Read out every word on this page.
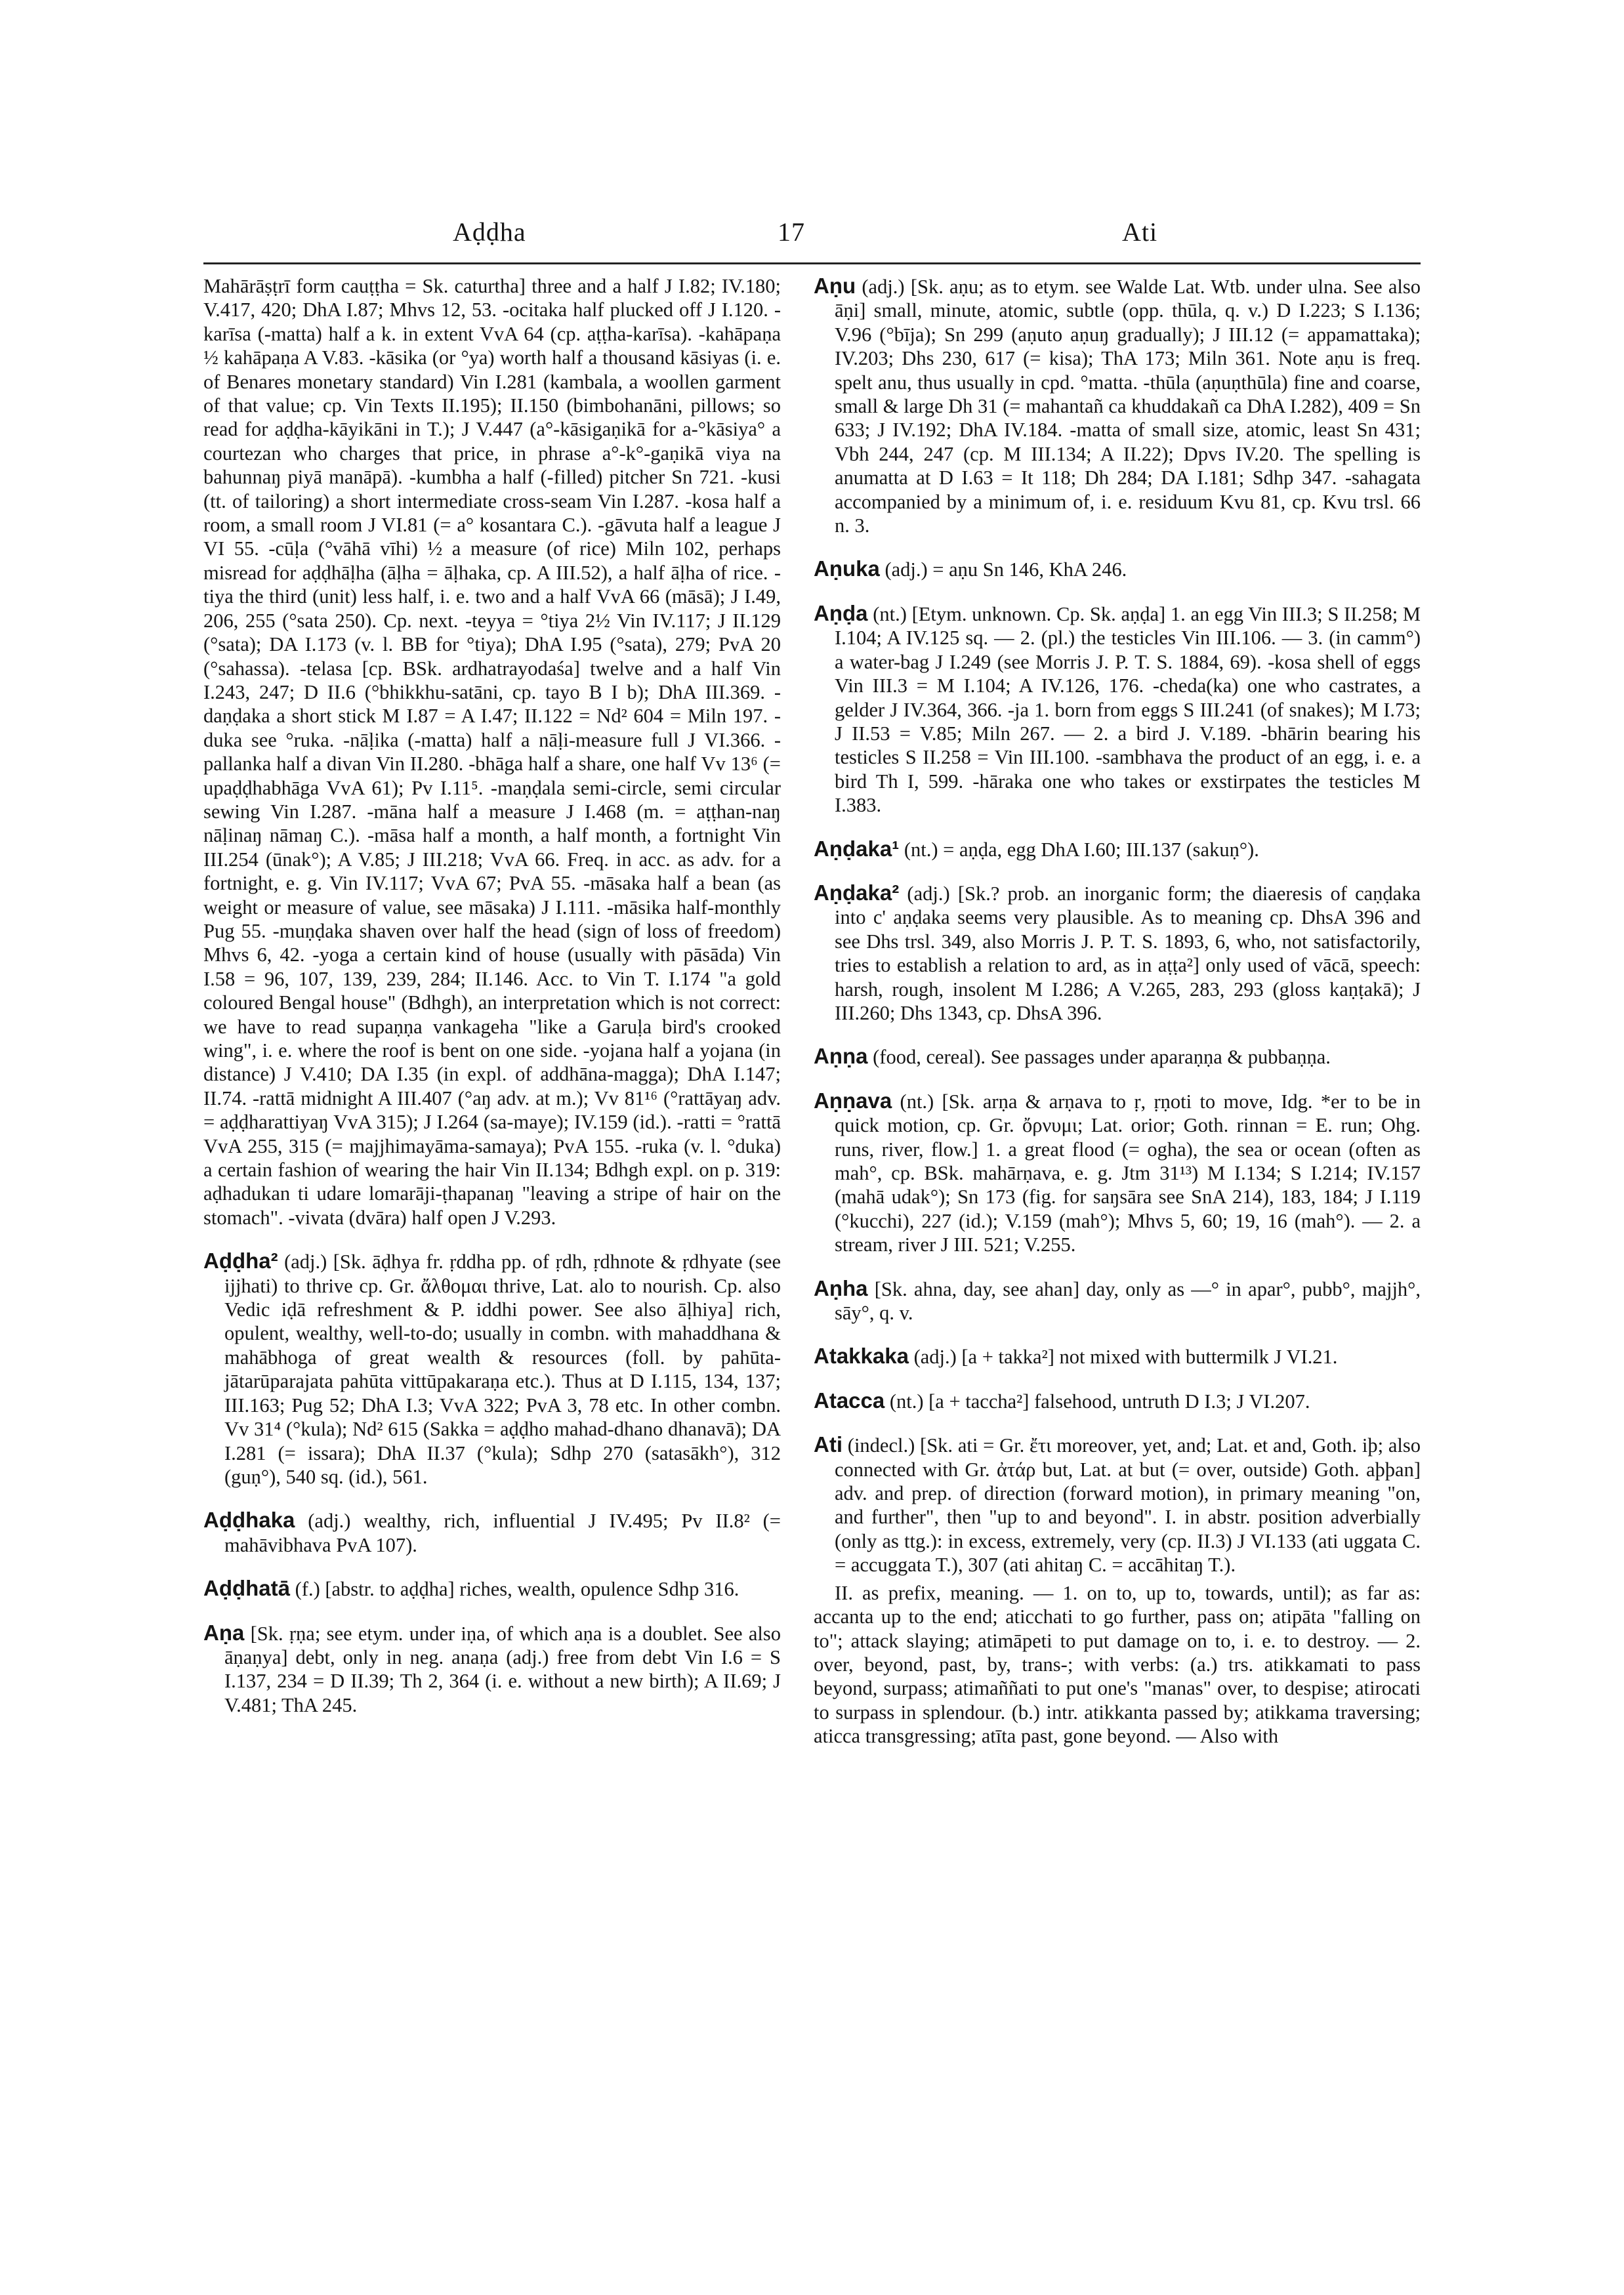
Aḍḍha	17	Ati

Mahārāṣṭrī form cauṭṭha = Sk. caturtha] three and a half J I.82; IV.180; V.417, 420; DhA I.87; Mhvs 12, 53. -ocitaka half plucked off J I.120. -karīsa (-matta) half a k. in extent VvA 64 (cp. aṭṭha-karīsa). -kahāpaṇa ½ kahāpaṇa A V.83. -kāsika (or °ya) worth half a thousand kāsiyas (i. e. of Benares monetary standard) Vin I.281 (kambala, a woollen garment of that value; cp. Vin Texts II.195); II.150 (bimbohanāni, pillows; so read for aḍḍha-kāyikāni in T.); J V.447 (a°-kāsigaṇikā for a-°kāsiya° a courtezan who charges that price, in phrase a°-k°-gaṇikā viya na bahunnaŋ piyā manāpā). -kumbha a half (-filled) pitcher Sn 721. -kusi (tt. of tailoring) a short intermediate cross-seam Vin I.287. -kosa half a room, a small room J VI.81 (= a° kosantara C.). -gāvuta half a league J VI 55. -cūḷa (°vāhā vīhi) ½ a measure (of rice) Miln 102, perhaps misread for aḍḍhāḷha (āḷha = āḷhaka, cp. A III.52), a half āḷha of rice. -tiya the third (unit) less half, i. e. two and a half VvA 66 (māsā); J I.49, 206, 255 (°sata 250). Cp. next. -teyya = °tiya 2½ Vin IV.117; J II.129 (°sata); DA I.173 (v. l. BB for °tiya); DhA I.95 (°sata), 279; PvA 20 (°sahassa). -telasa [cp. BSk. ardhatrayodaśa] twelve and a half Vin I.243, 247; D II.6 (°bhikkhu-satāni, cp. tayo B I b); DhA III.369. -daṇḍaka a short stick M I.87 = A I.47; II.122 = Nd² 604 = Miln 197. -duka see °ruka. -nāḷika (-matta) half a nāḷi-measure full J VI.366. -pallanka half a divan Vin II.280. -bhāga half a share, one half Vv 13⁶ (= upaḍḍhabhāga VvA 61); Pv I.11⁵. -maṇḍala semi-circle, semi circular sewing Vin I.287. -māna half a measure J I.468 (m. = aṭṭhan-naŋ nāḷinaŋ nāmaŋ C.). -māsa half a month, a half month, a fortnight Vin III.254 (ūnak°); A V.85; J III.218; VvA 66. Freq. in acc. as adv. for a fortnight, e. g. Vin IV.117; VvA 67; PvA 55. -māsaka half a bean (as weight or measure of value, see māsaka) J I.111. -māsika half-monthly Pug 55. -muṇḍaka shaven over half the head (sign of loss of freedom) Mhvs 6, 42. -yoga a certain kind of house (usually with pāsāda) Vin I.58 = 96, 107, 139, 239, 284; II.146. Acc. to Vin T. I.174 "a gold coloured Bengal house" (Bdhgh), an interpretation which is not correct: we have to read supaṇṇa vankageha "like a Garuḷa bird's crooked wing", i. e. where the roof is bent on one side. -yojana half a yojana (in distance) J V.410; DA I.35 (in expl. of addhāna-magga); DhA I.147; II.74. -rattā midnight A III.407 (°aŋ adv. at m.); Vv 81¹⁶ (°rattāyaŋ adv. = aḍḍharattiyaŋ VvA 315); J I.264 (sa-maye); IV.159 (id.). -ratti = °rattā VvA 255, 315 (= majjhimayāma-samaya); PvA 155. -ruka (v. l. °duka) a certain fashion of wearing the hair Vin II.134; Bdhgh expl. on p. 319: aḍhadukan ti udare lomarāji-ṭhapanaŋ "leaving a stripe of hair on the stomach". -vivata (dvāra) half open J V.293.

Aḍḍha² (adj.) [Sk. āḍhya fr. ṛddha pp. of ṛdh, ṛdhnote & ṛdhyate (see ijjhati) to thrive cp. Gr. ἄλθομαι thrive, Lat. alo to nourish. Cp. also Vedic iḍā refreshment & P. iddhi power. See also āḷhiya] rich, opulent, wealthy, well-to-do; usually in combn. with mahaddhana & mahābhoga of great wealth & resources (foll. by pahūta-jātarūparajata pahūta vittūpakaraṇa etc.). Thus at D I.115, 134, 137; III.163; Pug 52; DhA I.3; VvA 322; PvA 3, 78 etc. In other combn. Vv 31⁴ (°kula); Nd² 615 (Sakka = aḍḍho mahad-dhano dhanavā); DA I.281 (= issara); DhA II.37 (°kula); Sdhp 270 (satasākh°), 312 (guṇ°), 540 sq. (id.), 561.

Aḍḍhaka (adj.) wealthy, rich, influential J IV.495; Pv II.8² (= mahāvibhava PvA 107).

Aḍḍhatā (f.) [abstr. to aḍḍha] riches, wealth, opulence Sdhp 316.

Aṇa [Sk. ṛṇa; see etym. under iṇa, of which aṇa is a doublet. See also āṇaṇya] debt, only in neg. anaṇa (adj.) free from debt Vin I.6 = S I.137, 234 = D II.39; Th 2, 364 (i. e. without a new birth); A II.69; J V.481; ThA 245.

Aṇu (adj.) [Sk. aṇu; as to etym. see Walde Lat. Wtb. under ulna. See also āṇi] small, minute, atomic, subtle (opp. thūla, q. v.) D I.223; S I.136; V.96 (°bīja); Sn 299 (aṇuto aṇuŋ gradually); J III.12 (= appamattaka); IV.203; Dhs 230, 617 (= kisa); ThA 173; Miln 361. Note aṇu is freq. spelt anu, thus usually in cpd. °matta. -thūla (aṇuṇthūla) fine and coarse, small & large Dh 31 (= mahantañ ca khuddakañ ca DhA I.282), 409 = Sn 633; J IV.192; DhA IV.184. -matta of small size, atomic, least Sn 431; Vbh 244, 247 (cp. M III.134; A II.22); Dpvs IV.20. The spelling is anumatta at D I.63 = It 118; Dh 284; DA I.181; Sdhp 347. -sahagata accompanied by a minimum of, i. e. residuum Kvu 81, cp. Kvu trsl. 66 n. 3.

Aṇuka (adj.) = aṇu Sn 146, KhA 246.

Aṇḍa (nt.) [Etym. unknown. Cp. Sk. aṇḍa] 1. an egg Vin III.3; S II.258; M I.104; A IV.125 sq. — 2. (pl.) the testicles Vin III.106. — 3. (in camm°) a water-bag J I.249 (see Morris J. P. T. S. 1884, 69). -kosa shell of eggs Vin III.3 = M I.104; A IV.126, 176. -cheda(ka) one who castrates, a gelder J IV.364, 366. -ja 1. born from eggs S III.241 (of snakes); M I.73; J II.53 = V.85; Miln 267. — 2. a bird J. V.189. -bhārin bearing his testicles S II.258 = Vin III.100. -sambhava the product of an egg, i. e. a bird Th I, 599. -hāraka one who takes or exstirpates the testicles M I.383.

Aṇḍaka¹ (nt.) = aṇḍa, egg DhA I.60; III.137 (sakuṇ°).

Aṇḍaka² (adj.) [Sk.? prob. an inorganic form; the diaeresis of caṇḍaka into c' aṇḍaka seems very plausible. As to meaning cp. DhsA 396 and see Dhs trsl. 349, also Morris J. P. T. S. 1893, 6, who, not satisfactorily, tries to establish a relation to ard, as in aṭṭa²] only used of vācā, speech: harsh, rough, insolent M I.286; A V.265, 283, 293 (gloss kaṇṭakā); J III.260; Dhs 1343, cp. DhsA 396.

Aṇṇa (food, cereal). See passages under aparaṇṇa & pubbaṇṇa.

Aṇṇava (nt.) [Sk. arṇa & arṇava to ṛ, ṛṇoti to move, Idg. *er to be in quick motion, cp. Gr. ὄρνυμι; Lat. orior; Goth. rinnan = E. run; Ohg. runs, river, flow.] 1. a great flood (= ogha), the sea or ocean (often as mah°, cp. BSk. mahārṇava, e. g. Jtm 31¹³) M I.134; S I.214; IV.157 (mahā udak°); Sn 173 (fig. for saŋsāra see SnA 214), 183, 184; J I.119 (°kucchi), 227 (id.); V.159 (mah°); Mhvs 5, 60; 19, 16 (mah°). — 2. a stream, river J III. 521; V.255.

Aṇha [Sk. ahna, day, see ahan] day, only as —° in apar°, pubb°, majjh°, sāy°, q. v.

Atakkaka (adj.) [a + takka²] not mixed with buttermilk J VI.21.

Atacca (nt.) [a + taccha²] falsehood, untruth D I.3; J VI.207.

Ati (indecl.) [Sk. ati = Gr. ἔτι moreover, yet, and; Lat. et and, Goth. iþ; also connected with Gr. ἀτάρ but, Lat. at but (= over, outside) Goth. aþþan] adv. and prep. of direction (forward motion), in primary meaning "on, and further", then "up to and beyond". I. in abstr. position adverbially (only as ttg.): in excess, extremely, very (cp. II.3) J VI.133 (ati uggata C. = accuggata T.), 307 (ati ahitaŋ C. = accāhitaŋ T.).

II. as prefix, meaning. — 1. on to, up to, towards, until); as far as: accanta up to the end; aticchati to go further, pass on; atipāta "falling on to"; attack slaying; atimāpeti to put damage on to, i. e. to destroy. — 2. over, beyond, past, by, trans-; with verbs: (a.) trs. atikkamati to pass beyond, surpass; atimaññati to put one's "manas" over, to despise; atirocati to surpass in splendour. (b.) intr. atikkanta passed by; atikkama traversing; aticca transgressing; atīta past, gone beyond. — Also with
